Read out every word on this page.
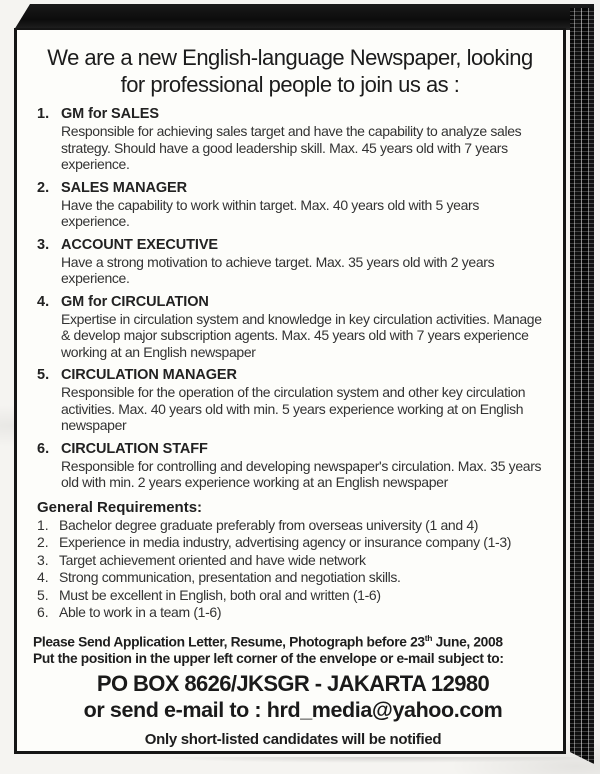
We are a new English-language Newspaper, looking
for professional people to join us as :
1. GM for SALES
Responsible for achieving sales target and have the capability to analyze sales strategy. Should have a good leadership skill. Max. 45 years old with 7 years experience.
2. SALES MANAGER
Have the capability to work within target. Max. 40 years old with 5 years experience.
3. ACCOUNT EXECUTIVE
Have a strong motivation to achieve target. Max. 35 years old with 2 years experience.
4. GM for CIRCULATION
Expertise in circulation system and knowledge in key circulation activities. Manage & develop major subscription agents. Max. 45 years old with 7 years experience working at an English newspaper
5. CIRCULATION MANAGER
Responsible for the operation of the circulation system and other key circulation activities. Max. 40 years old with min. 5 years experience working at on English newspaper
6. CIRCULATION STAFF
Responsible for controlling and developing newspaper's circulation. Max. 35 years old with min. 2 years experience working at an English newspaper
General Requirements:
1. Bachelor degree graduate preferably from overseas university (1 and 4)
2. Experience in media industry, advertising agency or insurance company (1-3)
3. Target achievement oriented and have wide network
4. Strong communication, presentation and negotiation skills.
5. Must be excellent in English, both oral and written (1-6)
6. Able to work in a team (1-6)
Please Send Application Letter, Resume, Photograph before 23th June, 2008
Put the position in the upper left corner of the envelope or e-mail subject to:
PO BOX 8626/JKSGR - JAKARTA 12980
or send e-mail to : hrd_media@yahoo.com
Only short-listed candidates will be notified
